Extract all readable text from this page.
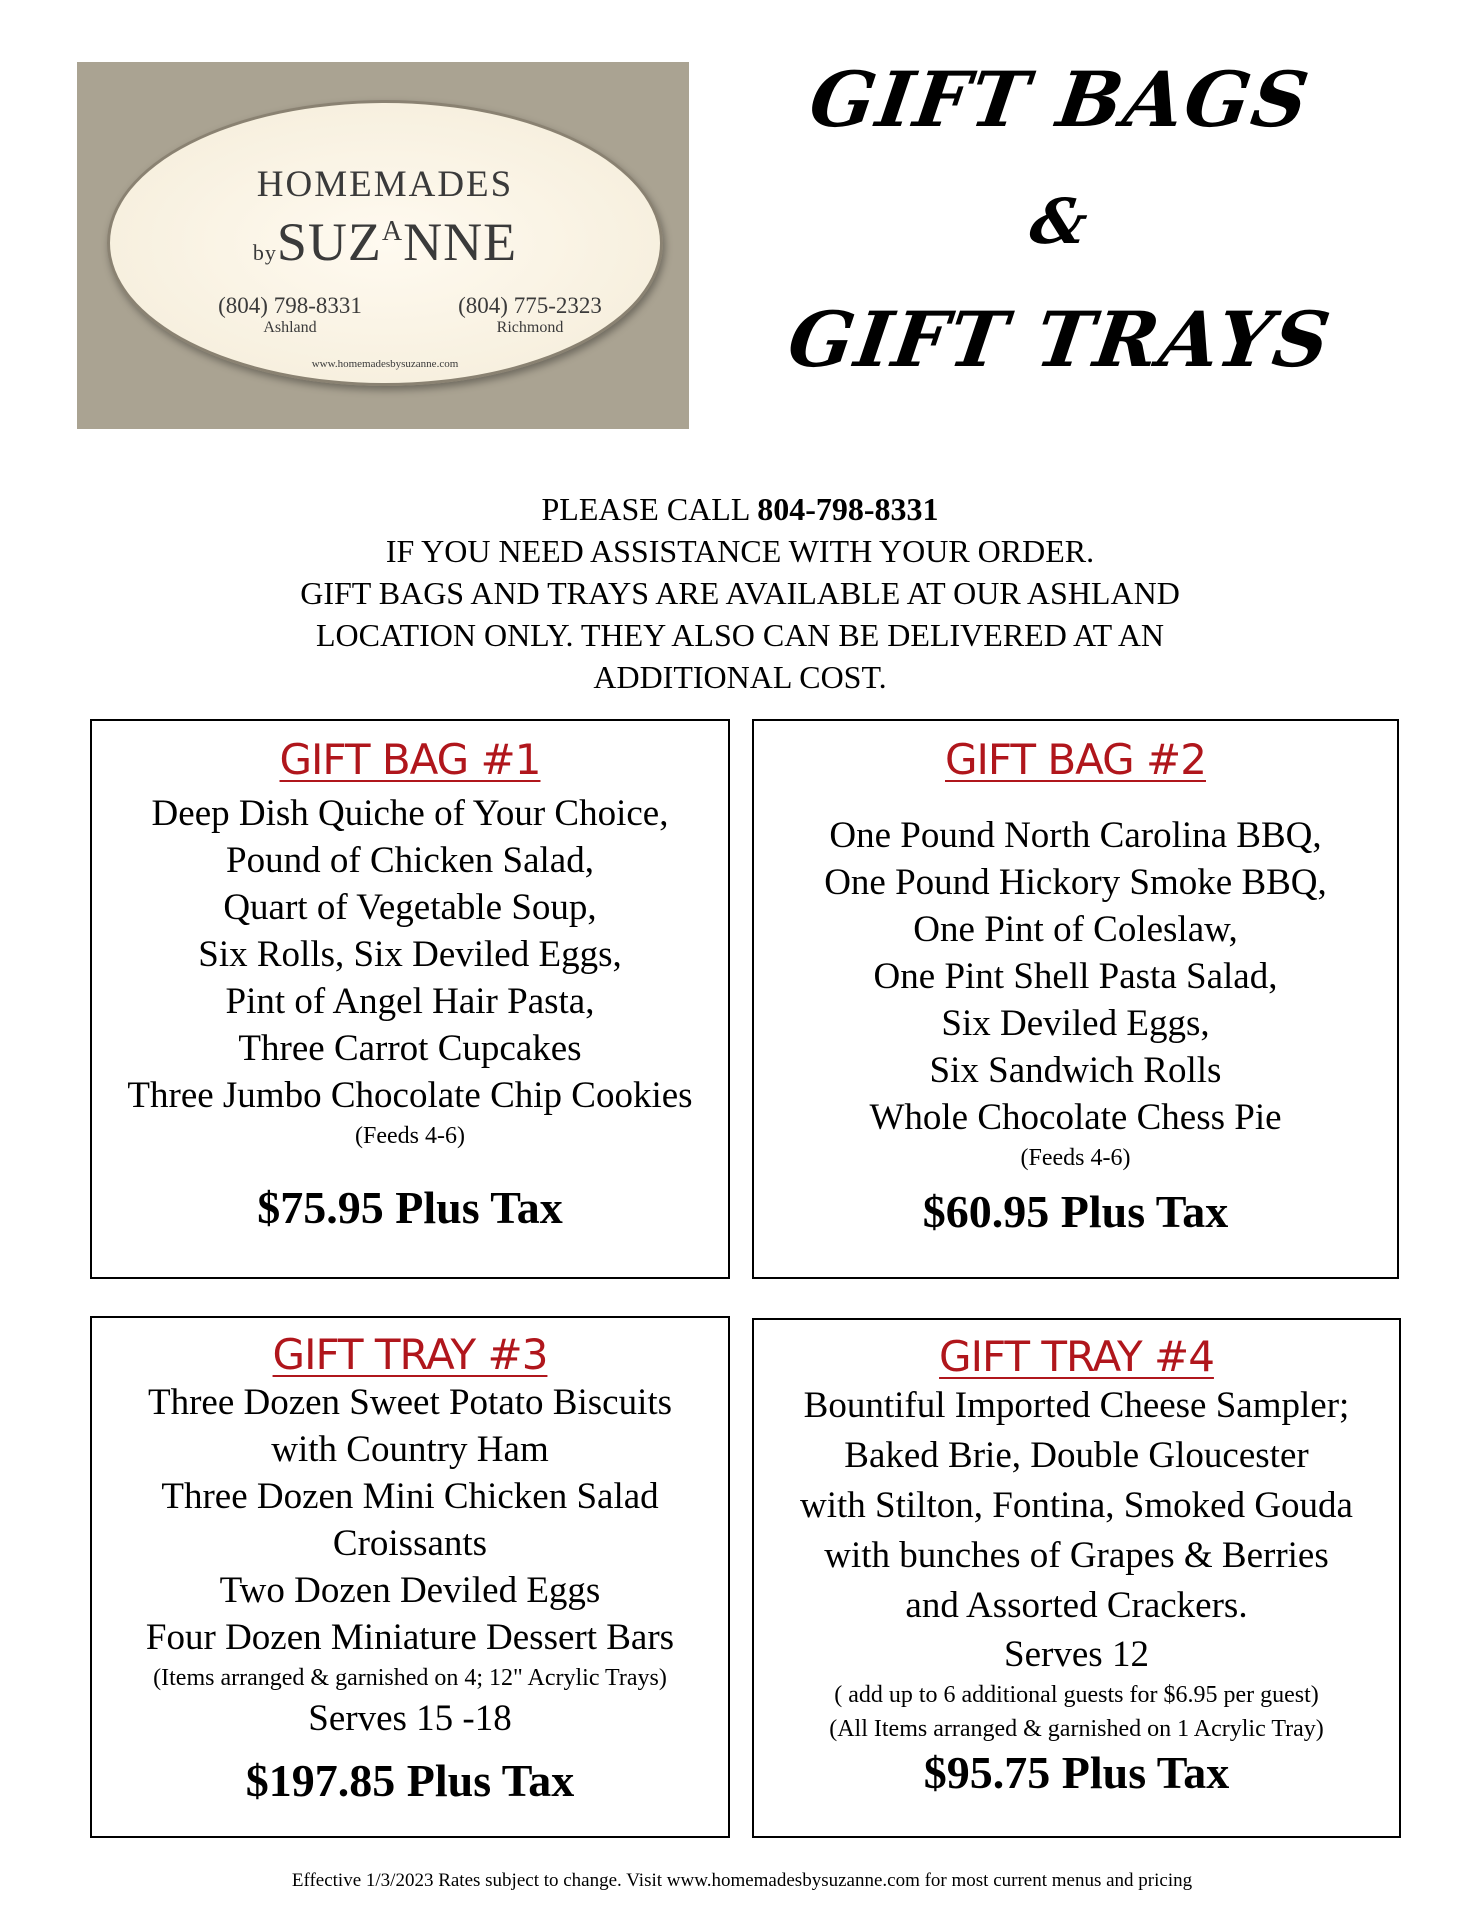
HOMEMADES
bySUZ$^A$NNE
(804) 798-8331
Ashland
(804) 775-2323
Richmond
www.homemadesbysuzanne.com
GIFT BAGS
&
GIFT TRAYS
PLEASE CALL 804-798-8331
IF YOU NEED ASSISTANCE WITH YOUR ORDER.
GIFT BAGS AND TRAYS ARE AVAILABLE AT OUR ASHLAND
LOCATION ONLY. THEY ALSO CAN BE DELIVERED AT AN
ADDITIONAL COST.
GIFT BAG #1
Deep Dish Quiche of Your Choice,
Pound of Chicken Salad,
Quart of Vegetable Soup,
Six Rolls, Six Deviled Eggs,
Pint of Angel Hair Pasta,
Three Carrot Cupcakes
Three Jumbo Chocolate Chip Cookies
(Feeds 4-6)
$75.95 Plus Tax
GIFT BAG #2
One Pound North Carolina BBQ,
One Pound Hickory Smoke BBQ,
One Pint of Coleslaw,
One Pint Shell Pasta Salad,
Six Deviled Eggs,
Six Sandwich Rolls
Whole Chocolate Chess Pie
(Feeds 4-6)
$60.95 Plus Tax
GIFT TRAY #3
Three Dozen Sweet Potato Biscuits
with Country Ham
Three Dozen Mini Chicken Salad
Croissants
Two Dozen Deviled Eggs
Four Dozen Miniature Dessert Bars
(Items arranged & garnished on 4; 12" Acrylic Trays)
Serves 15 -18
$197.85 Plus Tax
GIFT TRAY #4
Bountiful Imported Cheese Sampler;
Baked Brie, Double Gloucester
with Stilton, Fontina, Smoked Gouda
with bunches of Grapes & Berries
and Assorted Crackers.
Serves 12
( add up to 6 additional guests for $6.95 per guest)
(All Items arranged & garnished on 1 Acrylic Tray)
$95.75 Plus Tax
Effective 1/3/2023 Rates subject to change. Visit www.homemadesbysuzanne.com for most current menus and pricing
